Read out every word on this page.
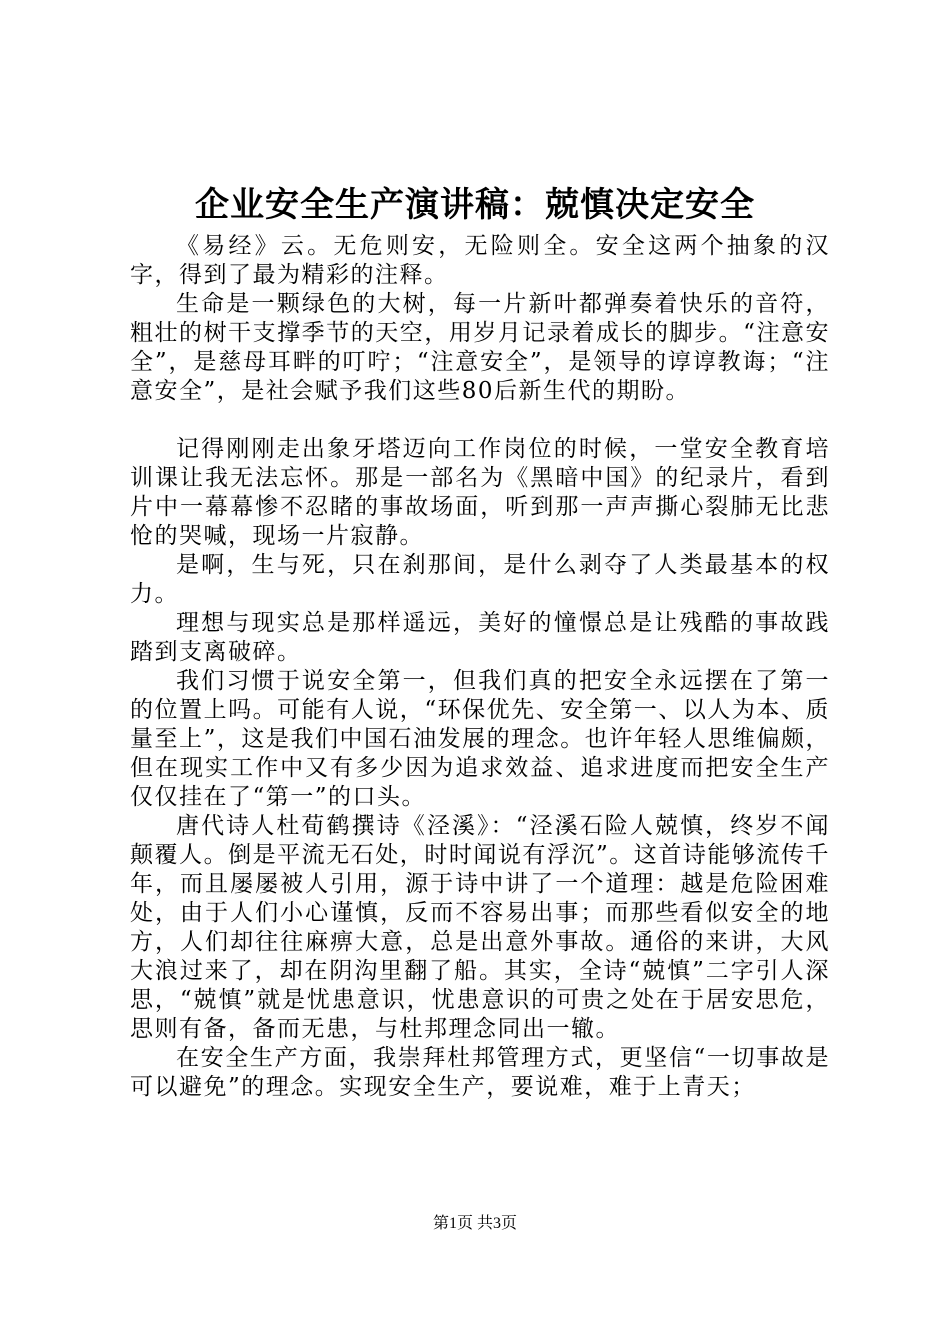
企业安全生产演讲稿：兢慎决定安全

《易经》云。无危则安，无险则全。安全这两个抽象的汉字，得到了最为精彩的注释。

生命是一颗绿色的大树，每一片新叶都弹奏着快乐的音符，粗壮的树干支撑季节的天空，用岁月记录着成长的脚步。“注意安全”，是慈母耳畔的叮咛；“注意安全”，是领导的谆谆教诲；“注意安全”，是社会赋予我们这些80后新生代的期盼。

记得刚刚走出象牙塔迈向工作岗位的时候，一堂安全教育培训课让我无法忘怀。那是一部名为《黑暗中国》的纪录片，看到片中一幕幕惨不忍睹的事故场面，听到那一声声撕心裂肺无比悲怆的哭喊，现场一片寂静。

是啊，生与死，只在刹那间，是什么剥夺了人类最基本的权力。

理想与现实总是那样遥远，美好的憧憬总是让残酷的事故践踏到支离破碎。

我们习惯于说安全第一，但我们真的把安全永远摆在了第一的位置上吗。可能有人说，“环保优先、安全第一、以人为本、质量至上”，这是我们中国石油发展的理念。也许年轻人思维偏颇，但在现实工作中又有多少因为追求效益、追求进度而把安全生产仅仅挂在了“第一”的口头。

唐代诗人杜荀鹤撰诗《泾溪》：“泾溪石险人兢慎，终岁不闻颠覆人。倒是平流无石处，时时闻说有浮沉”。这首诗能够流传千年，而且屡屡被人引用，源于诗中讲了一个道理：越是危险困难处，由于人们小心谨慎，反而不容易出事；而那些看似安全的地方，人们却往往麻痹大意，总是出意外事故。通俗的来讲，大风大浪过来了，却在阴沟里翻了船。其实，全诗“兢慎”二字引人深思，“兢慎”就是忧患意识，忧患意识的可贵之处在于居安思危，思则有备，备而无患，与杜邦理念同出一辙。

在安全生产方面，我崇拜杜邦管理方式，更坚信“一切事故是可以避免”的理念。实现安全生产，要说难，难于上青天；

第1页 共3页
